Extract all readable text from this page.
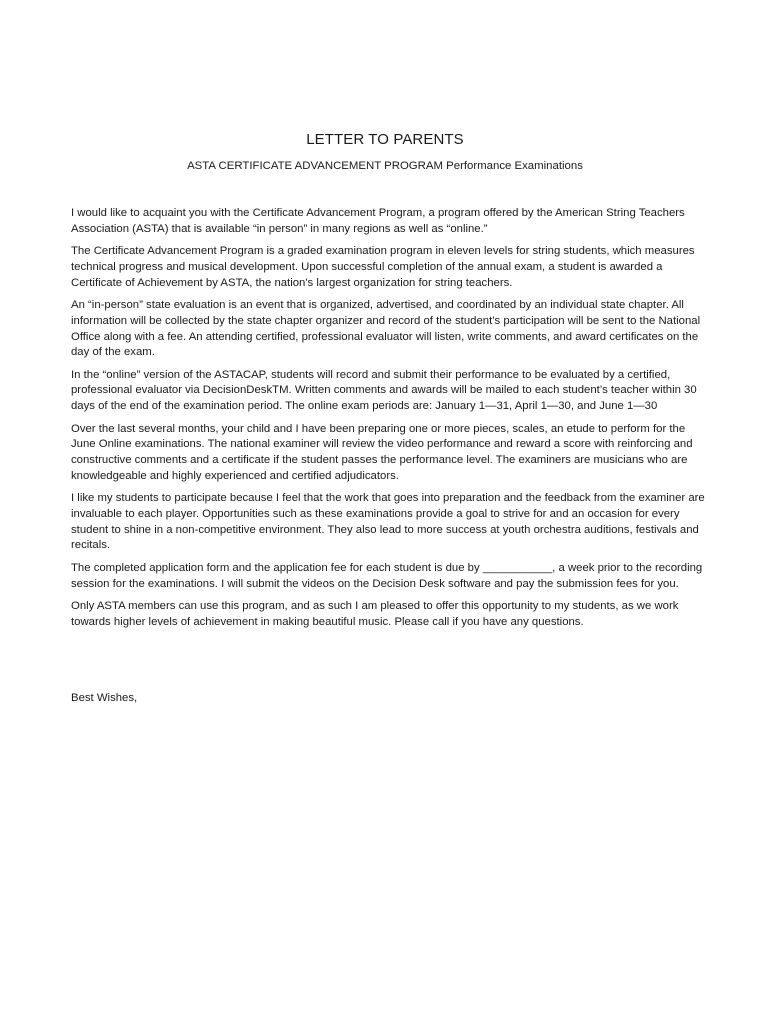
LETTER TO PARENTS
ASTA CERTIFICATE ADVANCEMENT PROGRAM Performance Examinations

I would like to acquaint you with the Certificate Advancement Program, a program offered by the American String Teachers Association (ASTA) that is available “in person” in many regions as well as “online.”

The Certificate Advancement Program is a graded examination program in eleven levels for string students, which measures technical progress and musical development. Upon successful completion of the annual exam, a student is awarded a Certificate of Achievement by ASTA, the nation's largest organization for string teachers.

An “in-person” state evaluation is an event that is organized, advertised, and coordinated by an individual state chapter. All information will be collected by the state chapter organizer and record of the student’s participation will be sent to the National Office along with a fee. An attending certified, professional evaluator will listen, write comments, and award certificates on the day of the exam.

In the “online” version of the ASTACAP, students will record and submit their performance to be evaluated by a certified, professional evaluator via DecisionDeskTM. Written comments and awards will be mailed to each student’s teacher within 30 days of the end of the examination period. The online exam periods are: January 1—31, April 1—30, and June 1—30

Over the last several months, your child and I have been preparing one or more pieces, scales, an etude to perform for the June Online examinations. The national examiner will review the video performance and reward a score with reinforcing and constructive comments and a certificate if the student passes the performance level. The examiners are musicians who are knowledgeable and highly experienced and certified adjudicators.

I like my students to participate because I feel that the work that goes into preparation and the feedback from the examiner are invaluable to each player. Opportunities such as these examinations provide a goal to strive for and an occasion for every student to shine in a non-competitive environment. They also lead to more success at youth orchestra auditions, festivals and recitals.

The completed application form and the application fee for each student is due by ___________, a week prior to the recording session for the examinations. I will submit the videos on the Decision Desk software and pay the submission fees for you.

Only ASTA members can use this program, and as such I am pleased to offer this opportunity to my students, as we work towards higher levels of achievement in making beautiful music. Please call if you have any questions.

Best Wishes,
